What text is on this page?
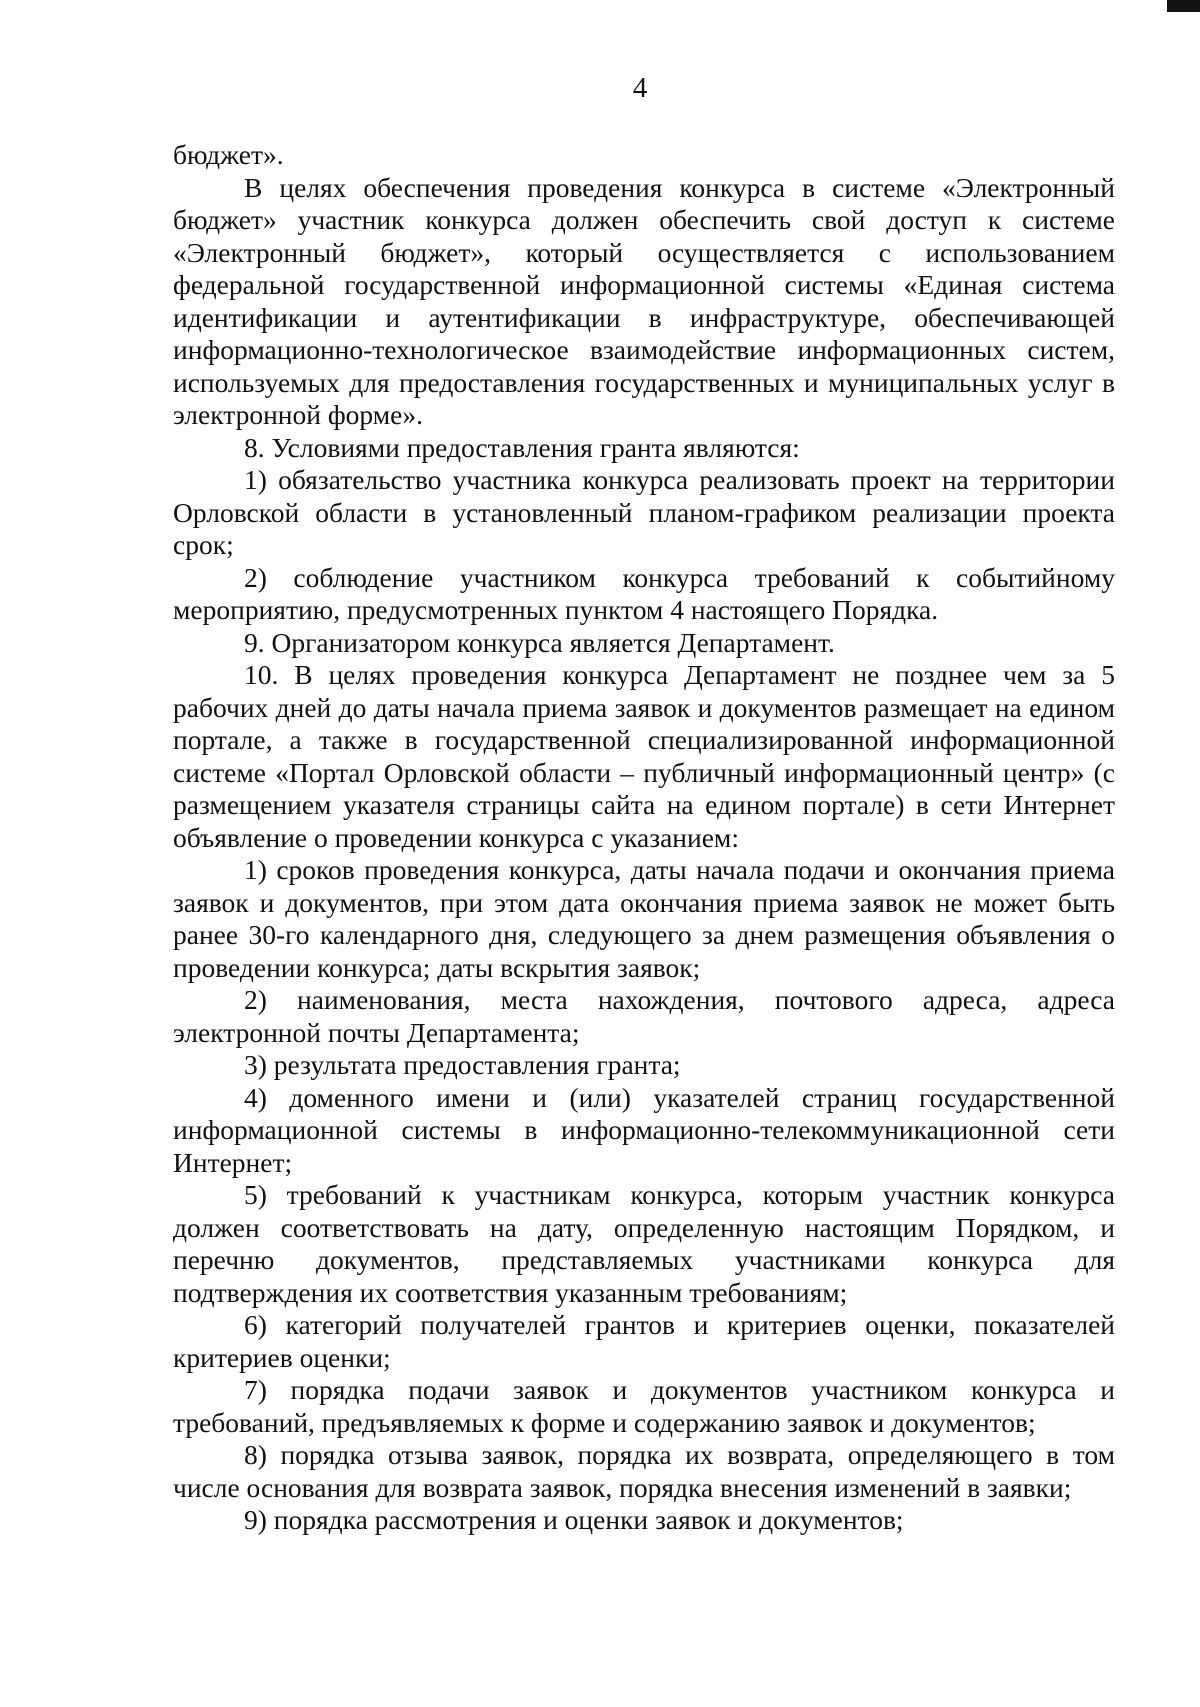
4

бюджет».

В целях обеспечения проведения конкурса в системе «Электронный бюджет» участник конкурса должен обеспечить свой доступ к системе «Электронный бюджет», который осуществляется с использованием федеральной государственной информационной системы «Единая система идентификации и аутентификации в инфраструктуре, обеспечивающей информационно-технологическое взаимодействие информационных систем, используемых для предоставления государственных и муниципальных услуг в электронной форме».

8. Условиями предоставления гранта являются:

1) обязательство участника конкурса реализовать проект на территории Орловской области в установленный планом-графиком реализации проекта срок;

2) соблюдение участником конкурса требований к событийному мероприятию, предусмотренных пунктом 4 настоящего Порядка.

9. Организатором конкурса является Департамент.

10. В целях проведения конкурса Департамент не позднее чем за 5 рабочих дней до даты начала приема заявок и документов размещает на едином портале, а также в государственной специализированной информационной системе «Портал Орловской области – публичный информационный центр» (с размещением указателя страницы сайта на едином портале) в сети Интернет объявление о проведении конкурса с указанием:

1) сроков проведения конкурса, даты начала подачи и окончания приема заявок и документов, при этом дата окончания приема заявок не может быть ранее 30-го календарного дня, следующего за днем размещения объявления о проведении конкурса; даты вскрытия заявок;

2) наименования, места нахождения, почтового адреса, адреса электронной почты Департамента;

3) результата предоставления гранта;

4) доменного имени и (или) указателей страниц государственной информационной системы в информационно-телекоммуникационной сети Интернет;

5) требований к участникам конкурса, которым участник конкурса должен соответствовать на дату, определенную настоящим Порядком, и перечню документов, представляемых участниками конкурса для подтверждения их соответствия указанным требованиям;

6) категорий получателей грантов и критериев оценки, показателей критериев оценки;

7) порядка подачи заявок и документов участником конкурса и требований, предъявляемых к форме и содержанию заявок и документов;

8) порядка отзыва заявок, порядка их возврата, определяющего в том числе основания для возврата заявок, порядка внесения изменений в заявки;

9) порядка рассмотрения и оценки заявок и документов;
